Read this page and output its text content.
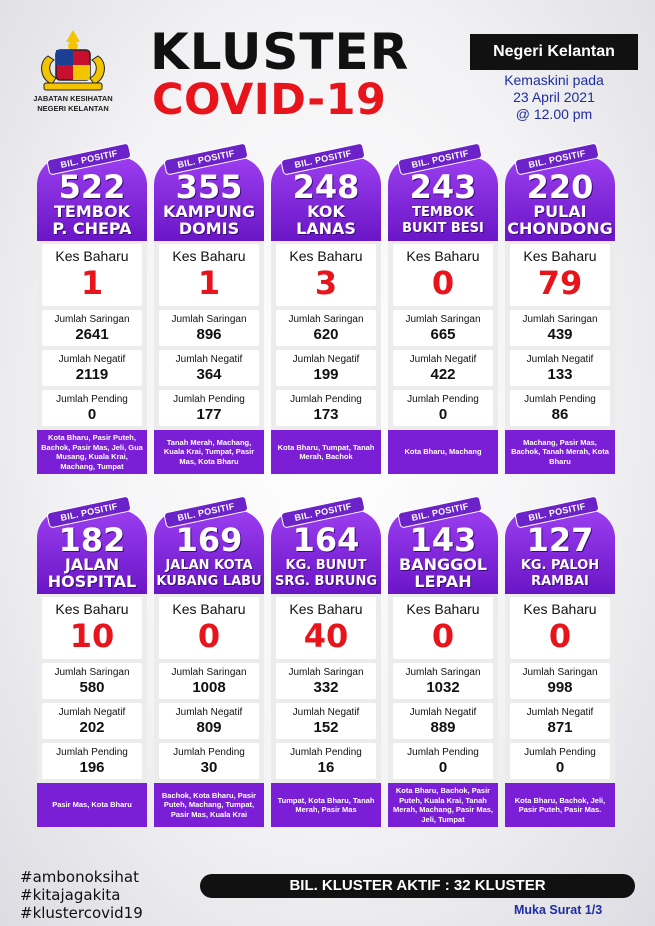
JABATAN KESIHATAN NEGERI KELANTAN
KLUSTER
COVID-19
Negeri Kelantan
Kemaskini pada
23 April 2021
@ 12.00 pm
BIL. POSITIF
522
TEMBOK
P. CHEPA
Kes Baharu
1
Jumlah Saringan
2641
Jumlah Negatif
2119
Jumlah Pending
0
Kota Bharu, Pasir Puteh, Bachok, Pasir Mas, Jeli, Gua Musang, Kuala Krai, Machang, Tumpat
BIL. POSITIF
355
KAMPUNG
DOMIS
Kes Baharu
1
Jumlah Saringan
896
Jumlah Negatif
364
Jumlah Pending
177
Tanah Merah, Machang, Kuala Krai, Tumpat, Pasir Mas, Kota Bharu
BIL. POSITIF
248
KOK
LANAS
Kes Baharu
3
Jumlah Saringan
620
Jumlah Negatif
199
Jumlah Pending
173
Kota Bharu, Tumpat, Tanah Merah, Bachok
BIL. POSITIF
243
TEMBOK
BUKIT BESI
Kes Baharu
0
Jumlah Saringan
665
Jumlah Negatif
422
Jumlah Pending
0
Kota Bharu, Machang
BIL. POSITIF
220
PULAI
CHONDONG
Kes Baharu
79
Jumlah Saringan
439
Jumlah Negatif
133
Jumlah Pending
86
Machang, Pasir Mas, Bachok, Tanah Merah, Kota Bharu
BIL. POSITIF
182
JALAN
HOSPITAL
Kes Baharu
10
Jumlah Saringan
580
Jumlah Negatif
202
Jumlah Pending
196
Pasir Mas, Kota Bharu
BIL. POSITIF
169
JALAN KOTA
KUBANG LABU
Kes Baharu
0
Jumlah Saringan
1008
Jumlah Negatif
809
Jumlah Pending
30
Bachok, Kota Bharu, Pasir Puteh, Machang, Tumpat, Pasir Mas, Kuala Krai
BIL. POSITIF
164
KG. BUNUT
SRG. BURUNG
Kes Baharu
40
Jumlah Saringan
332
Jumlah Negatif
152
Jumlah Pending
16
Tumpat, Kota Bharu, Tanah Merah, Pasir Mas
BIL. POSITIF
143
BANGGOL
LEPAH
Kes Baharu
0
Jumlah Saringan
1032
Jumlah Negatif
889
Jumlah Pending
0
Kota Bharu, Bachok, Pasir Puteh, Kuala Krai, Tanah Merah, Machang, Pasir Mas, Jeli, Tumpat
BIL. POSITIF
127
KG. PALOH
RAMBAI
Kes Baharu
0
Jumlah Saringan
998
Jumlah Negatif
871
Jumlah Pending
0
Kota Bharu, Bachok, Jeli, Pasir Puteh, Pasir Mas.
#ambonoksihat
#kitajagakita
#klustercovid19
BIL. KLUSTER AKTIF : 32 KLUSTER
Muka Surat 1/3
